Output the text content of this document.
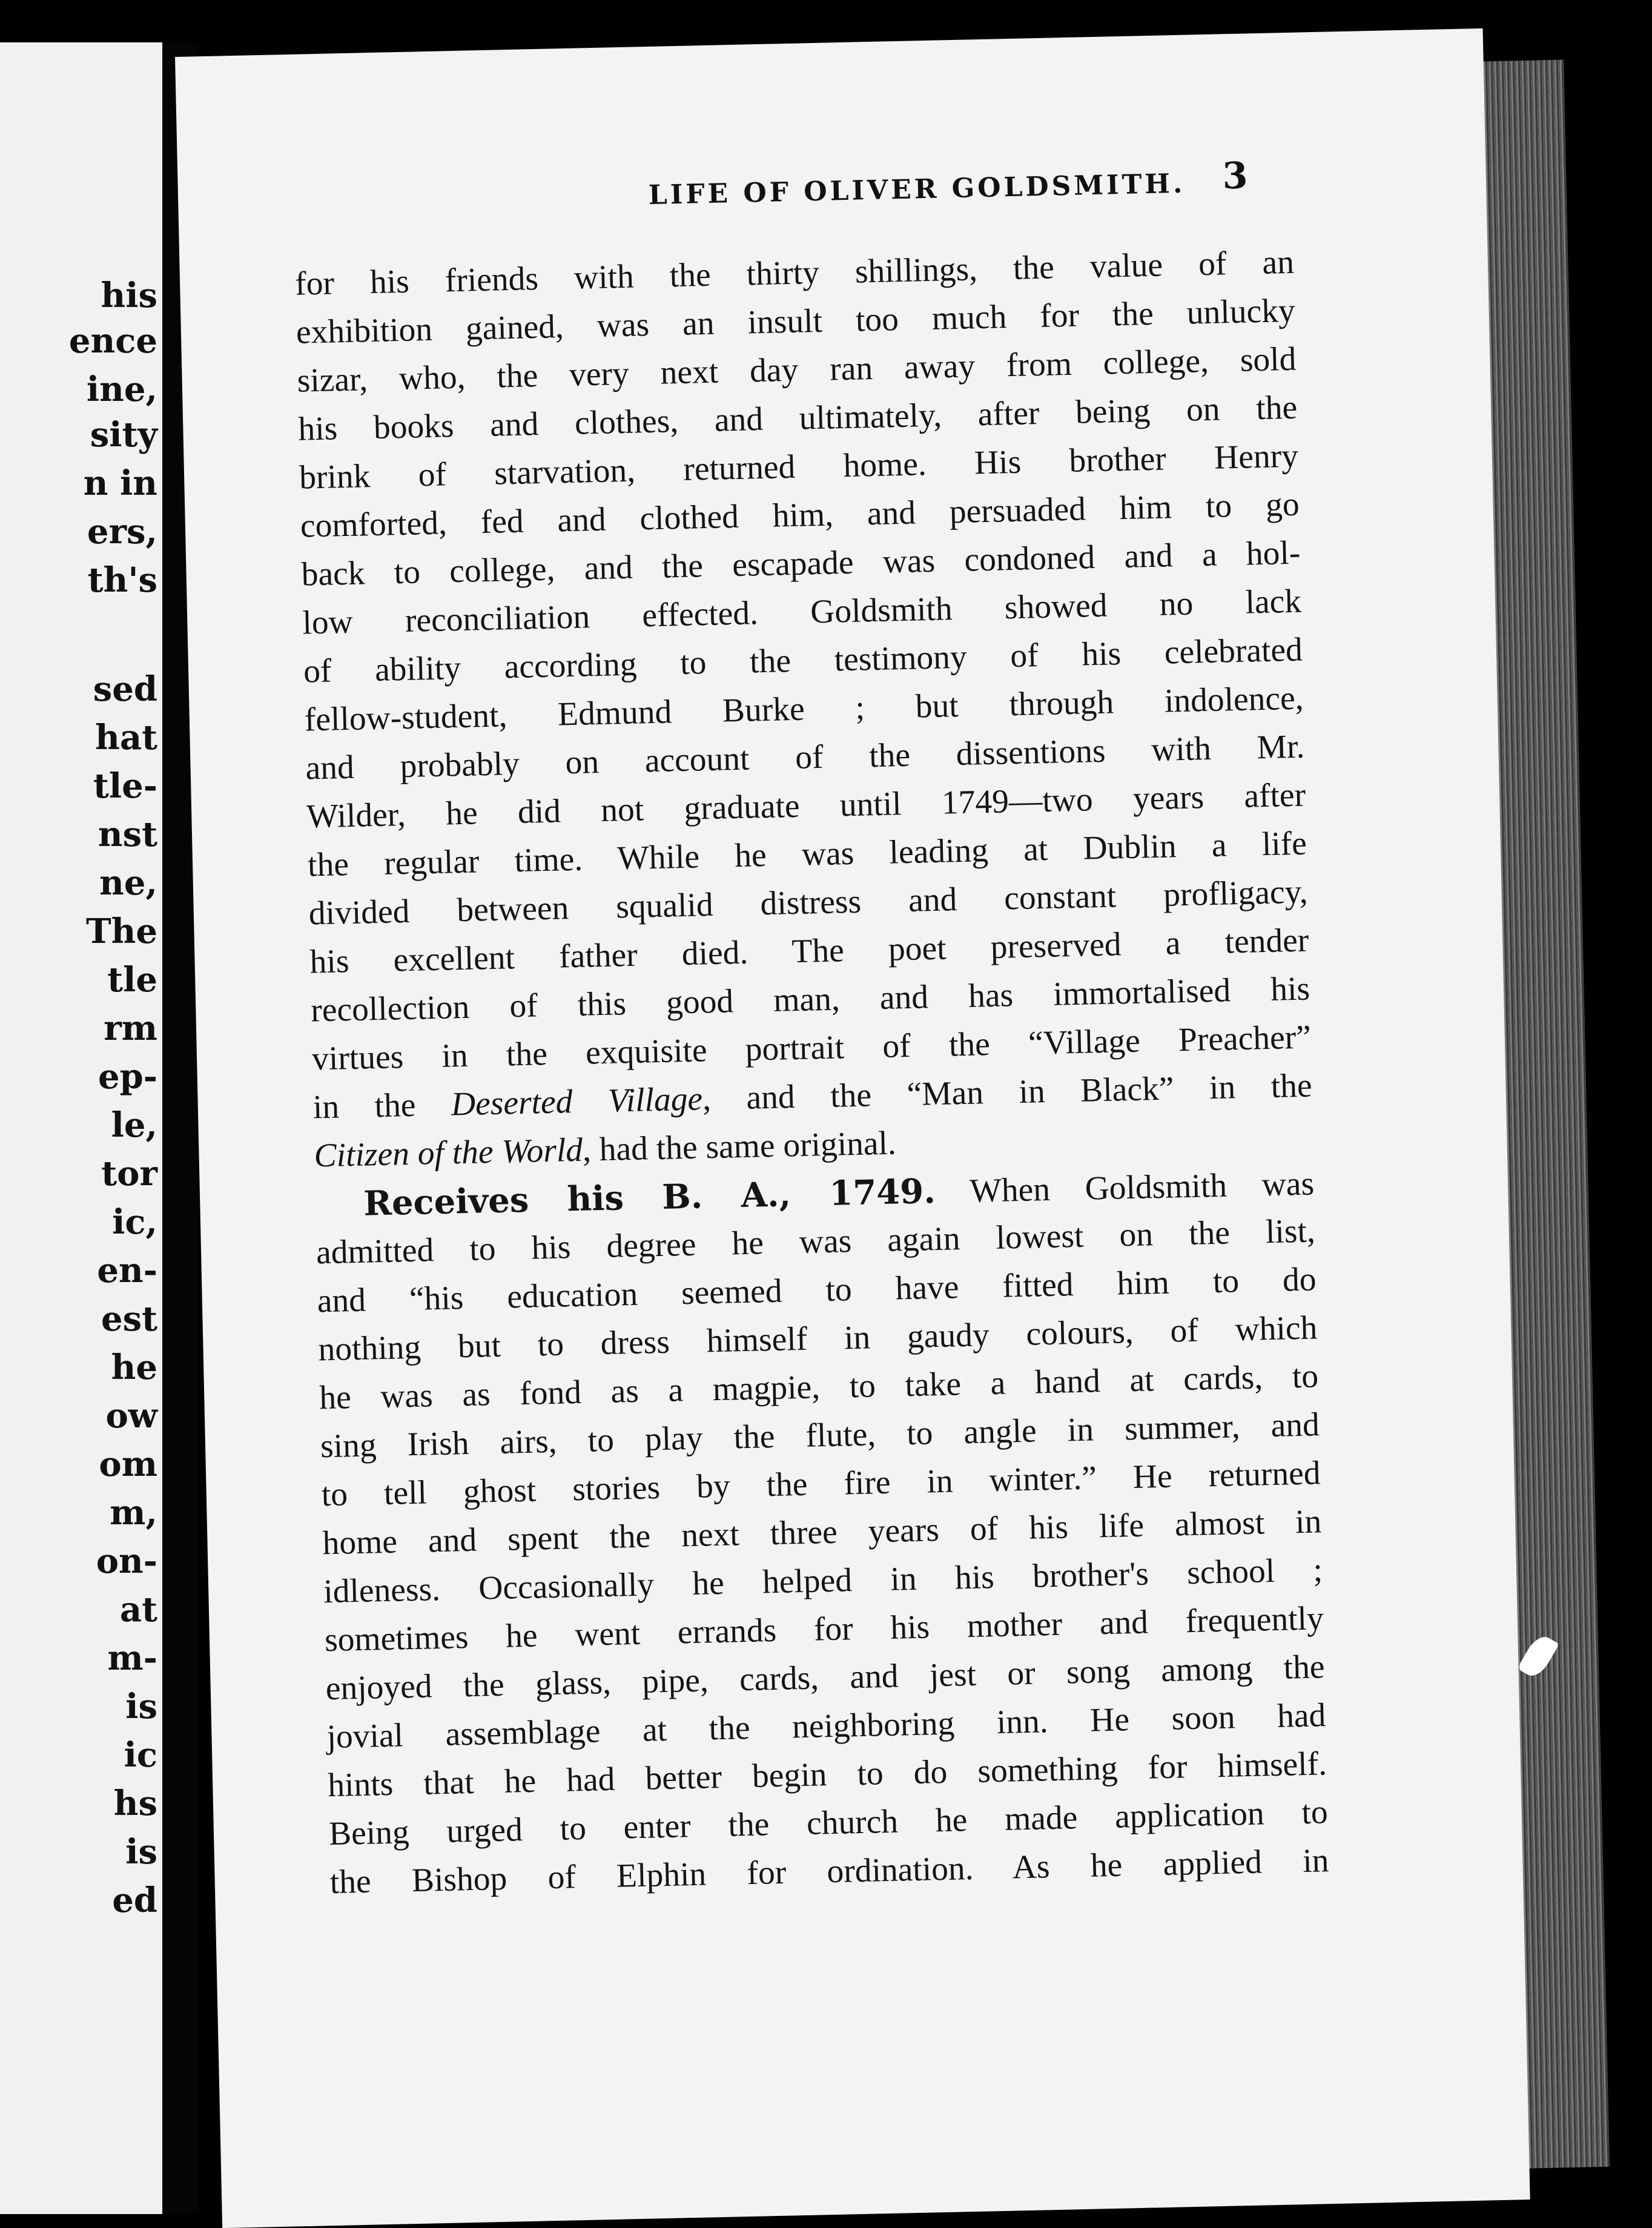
his
ence
ine,
sity
n in
ers,
th's
sed
hat
tle-
nst
ne,
The
tle
rm
ep-
le,
tor
ic,
en-
est
he
ow
om
m,
on-
at
m-
is
ic
hs
is
ed
LIFE OF OLIVER GOLDSMITH.	3
for his friends with the thirty shillings, the value of an
exhibition gained, was an insult too much for the unlucky
sizar, who, the very next day ran away from college, sold
his books and clothes, and ultimately, after being on the
brink of starvation, returned home. His brother Henry
comforted, fed and clothed him, and persuaded him to go
back to college, and the escapade was condoned and a hol-
low reconciliation effected. Goldsmith showed no lack
of ability according to the testimony of his celebrated
fellow-student, Edmund Burke ; but through indolence,
and probably on account of the dissentions with Mr.
Wilder, he did not graduate until 1749—two years after
the regular time. While he was leading at Dublin a life
divided between squalid distress and constant profligacy,
his excellent father died. The poet preserved a tender
recollection of this good man, and has immortalised his
virtues in the exquisite portrait of the “Village Preacher”
in the Deserted Village, and the “Man in Black” in the
Citizen of the World, had the same original.
Receives his B. A., 1749. When Goldsmith was
admitted to his degree he was again lowest on the list,
and “his education seemed to have fitted him to do
nothing but to dress himself in gaudy colours, of which
he was as fond as a magpie, to take a hand at cards, to
sing Irish airs, to play the flute, to angle in summer, and
to tell ghost stories by the fire in winter.” He returned
home and spent the next three years of his life almost in
idleness. Occasionally he helped in his brother's school ;
sometimes he went errands for his mother and frequently
enjoyed the glass, pipe, cards, and jest or song among the
jovial assemblage at the neighboring inn. He soon had
hints that he had better begin to do something for himself.
Being urged to enter the church he made application to
the Bishop of Elphin for ordination. As he applied in
